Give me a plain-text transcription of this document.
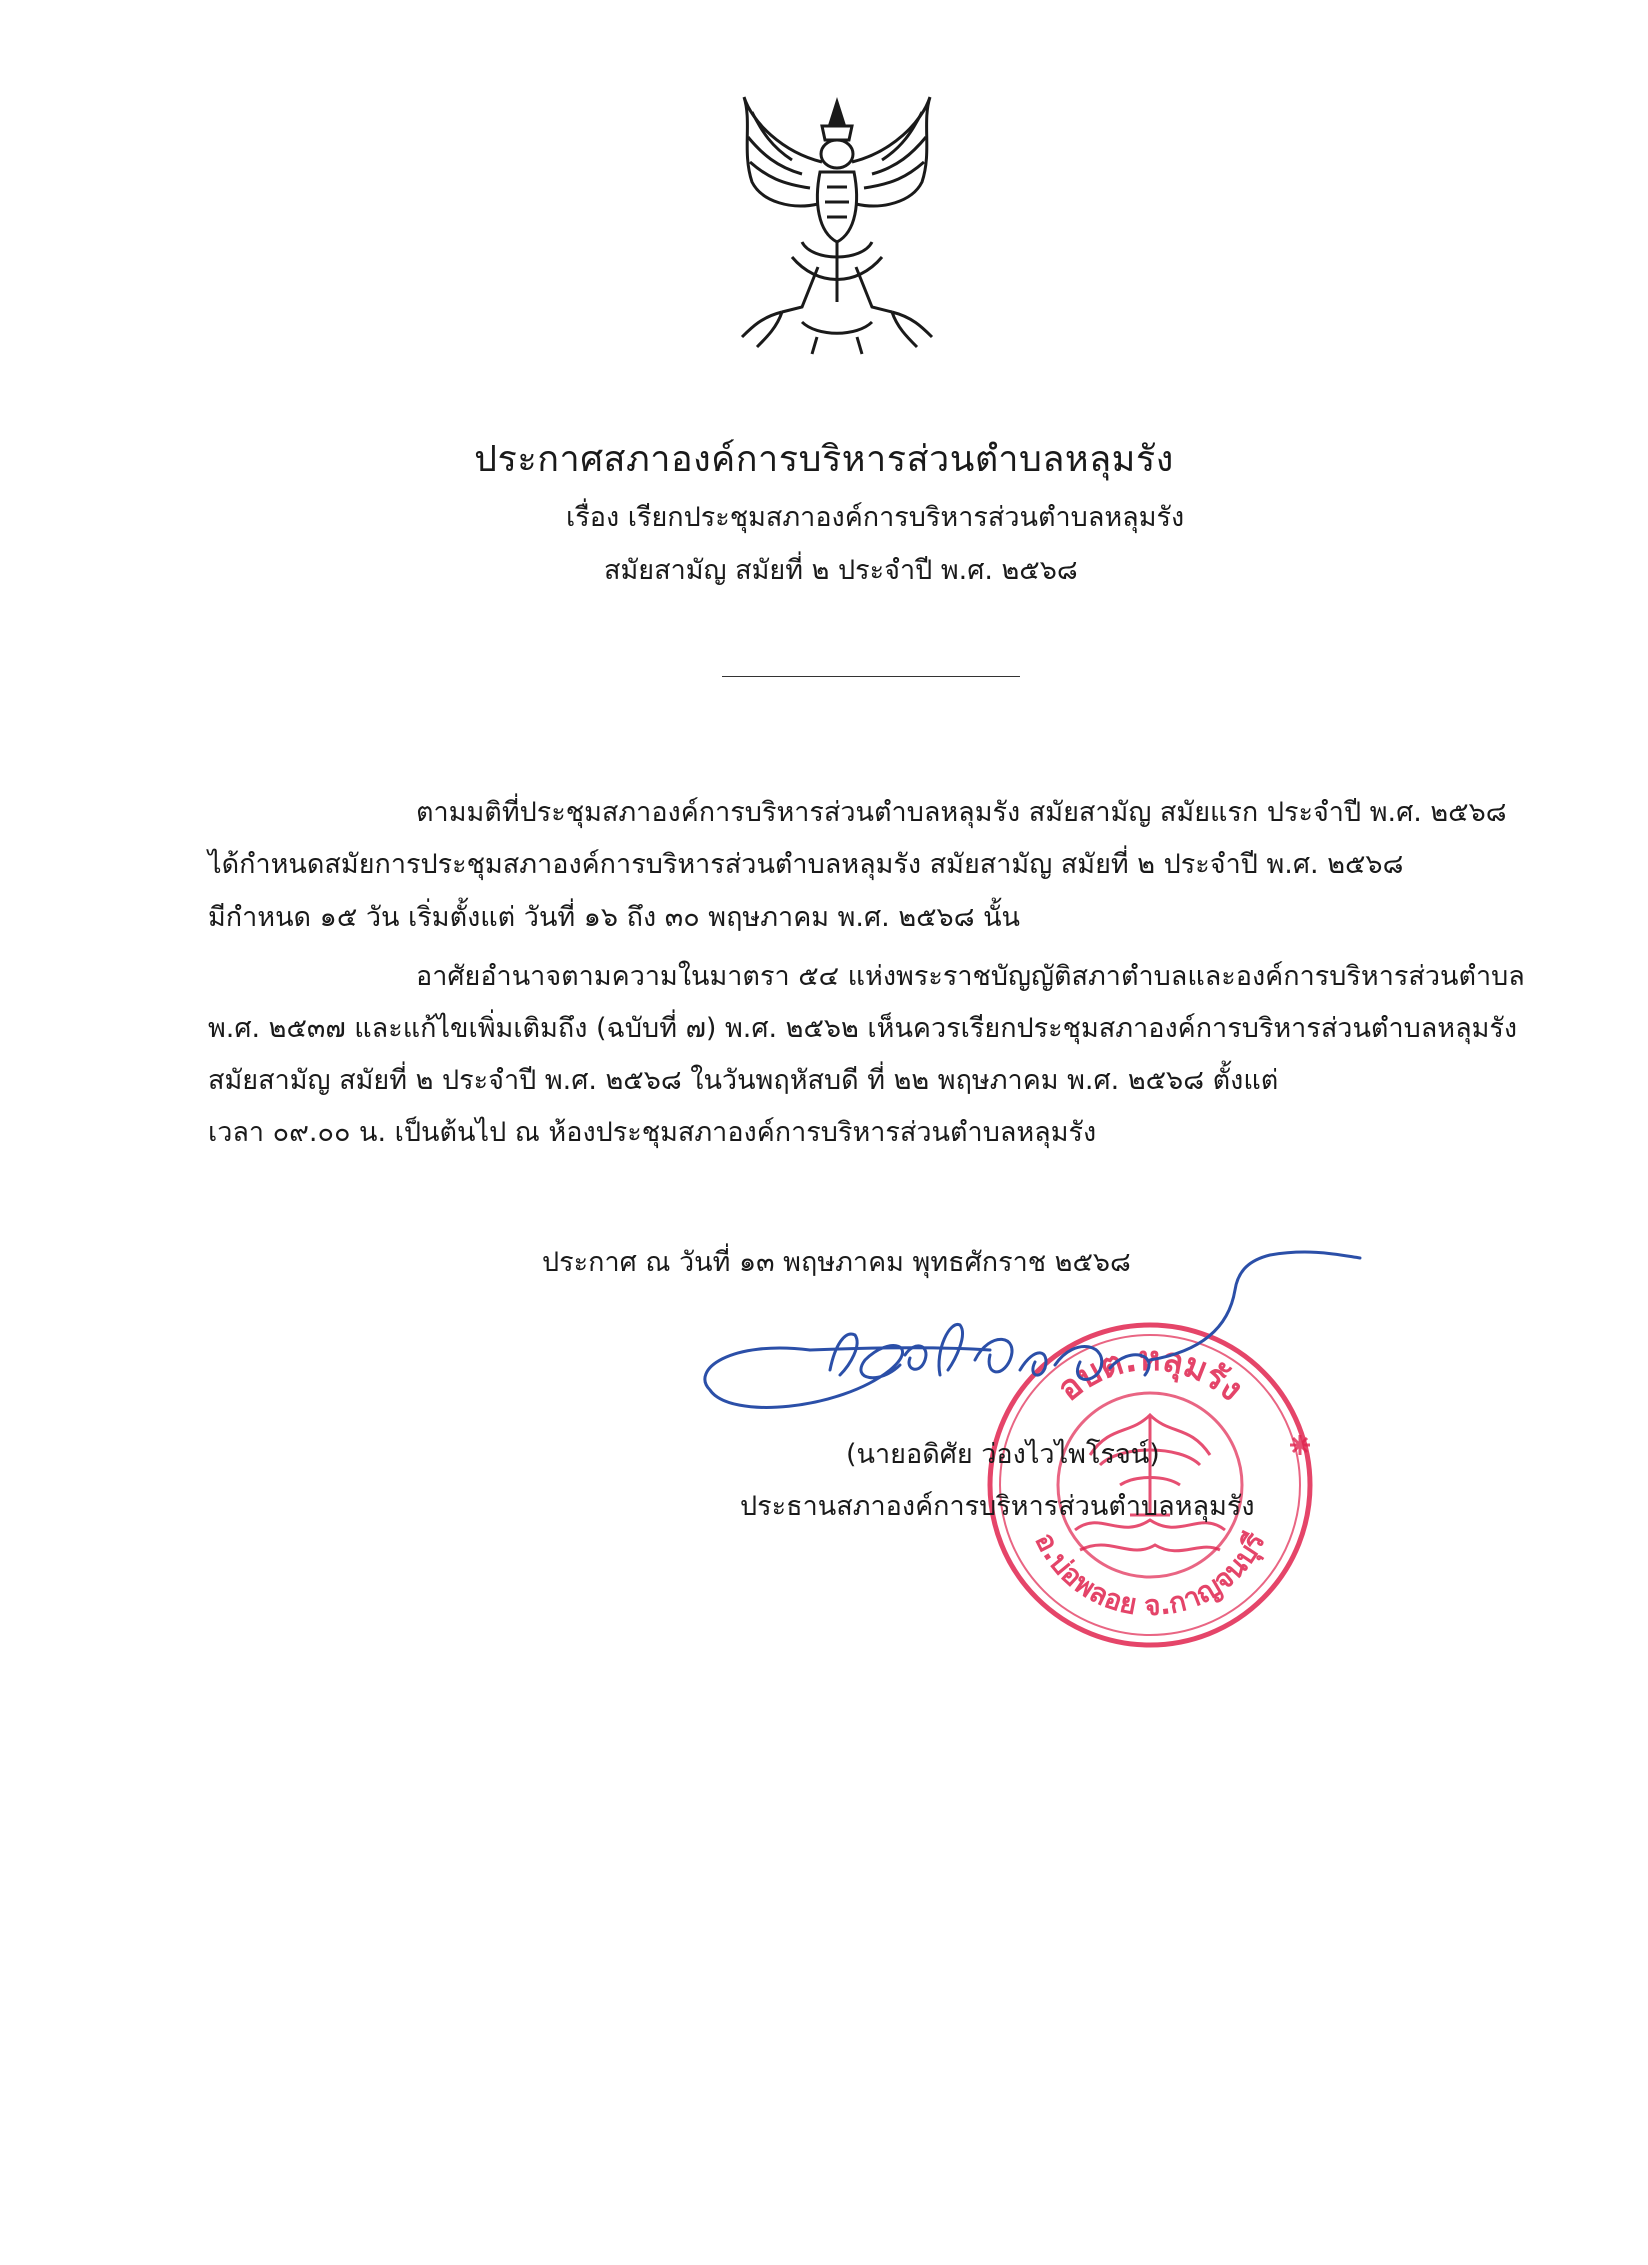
ประกาศสภาองค์การบริหารส่วนตำบลหลุมรัง
เรื่อง เรียกประชุมสภาองค์การบริหารส่วนตำบลหลุมรัง
สมัยสามัญ สมัยที่ ๒ ประจำปี พ.ศ. ๒๕๖๘
ตามมติที่ประชุมสภาองค์การบริหารส่วนตำบลหลุมรัง สมัยสามัญ สมัยแรก ประจำปี พ.ศ. ๒๕๖๘
ได้กำหนดสมัยการประชุมสภาองค์การบริหารส่วนตำบลหลุมรัง สมัยสามัญ สมัยที่ ๒ ประจำปี พ.ศ. ๒๕๖๘
มีกำหนด ๑๕ วัน เริ่มตั้งแต่ วันที่ ๑๖ ถึง ๓๐ พฤษภาคม พ.ศ. ๒๕๖๘ นั้น
อาศัยอำนาจตามความในมาตรา ๕๔ แห่งพระราชบัญญัติสภาตำบลและองค์การบริหารส่วนตำบล
พ.ศ. ๒๕๓๗ และแก้ไขเพิ่มเติมถึง (ฉบับที่ ๗) พ.ศ. ๒๕๖๒ เห็นควรเรียกประชุมสภาองค์การบริหารส่วนตำบลหลุมรัง
สมัยสามัญ สมัยที่ ๒ ประจำปี พ.ศ. ๒๕๖๘ ในวันพฤหัสบดี ที่ ๒๒ พฤษภาคม พ.ศ. ๒๕๖๘ ตั้งแต่
เวลา ๐๙.๐๐ น. เป็นต้นไป ณ ห้องประชุมสภาองค์การบริหารส่วนตำบลหลุมรัง
ประกาศ ณ วันที่ ๑๓ พฤษภาคม พุทธศักราช ๒๕๖๘
อบต.หลุมรัง
อ.บ่อพลอย จ.กาญจนบุรี
(นายอดิศัย ว่องไวไพโรจน์)
ประธานสภาองค์การบริหารส่วนตำบลหลุมรัง
